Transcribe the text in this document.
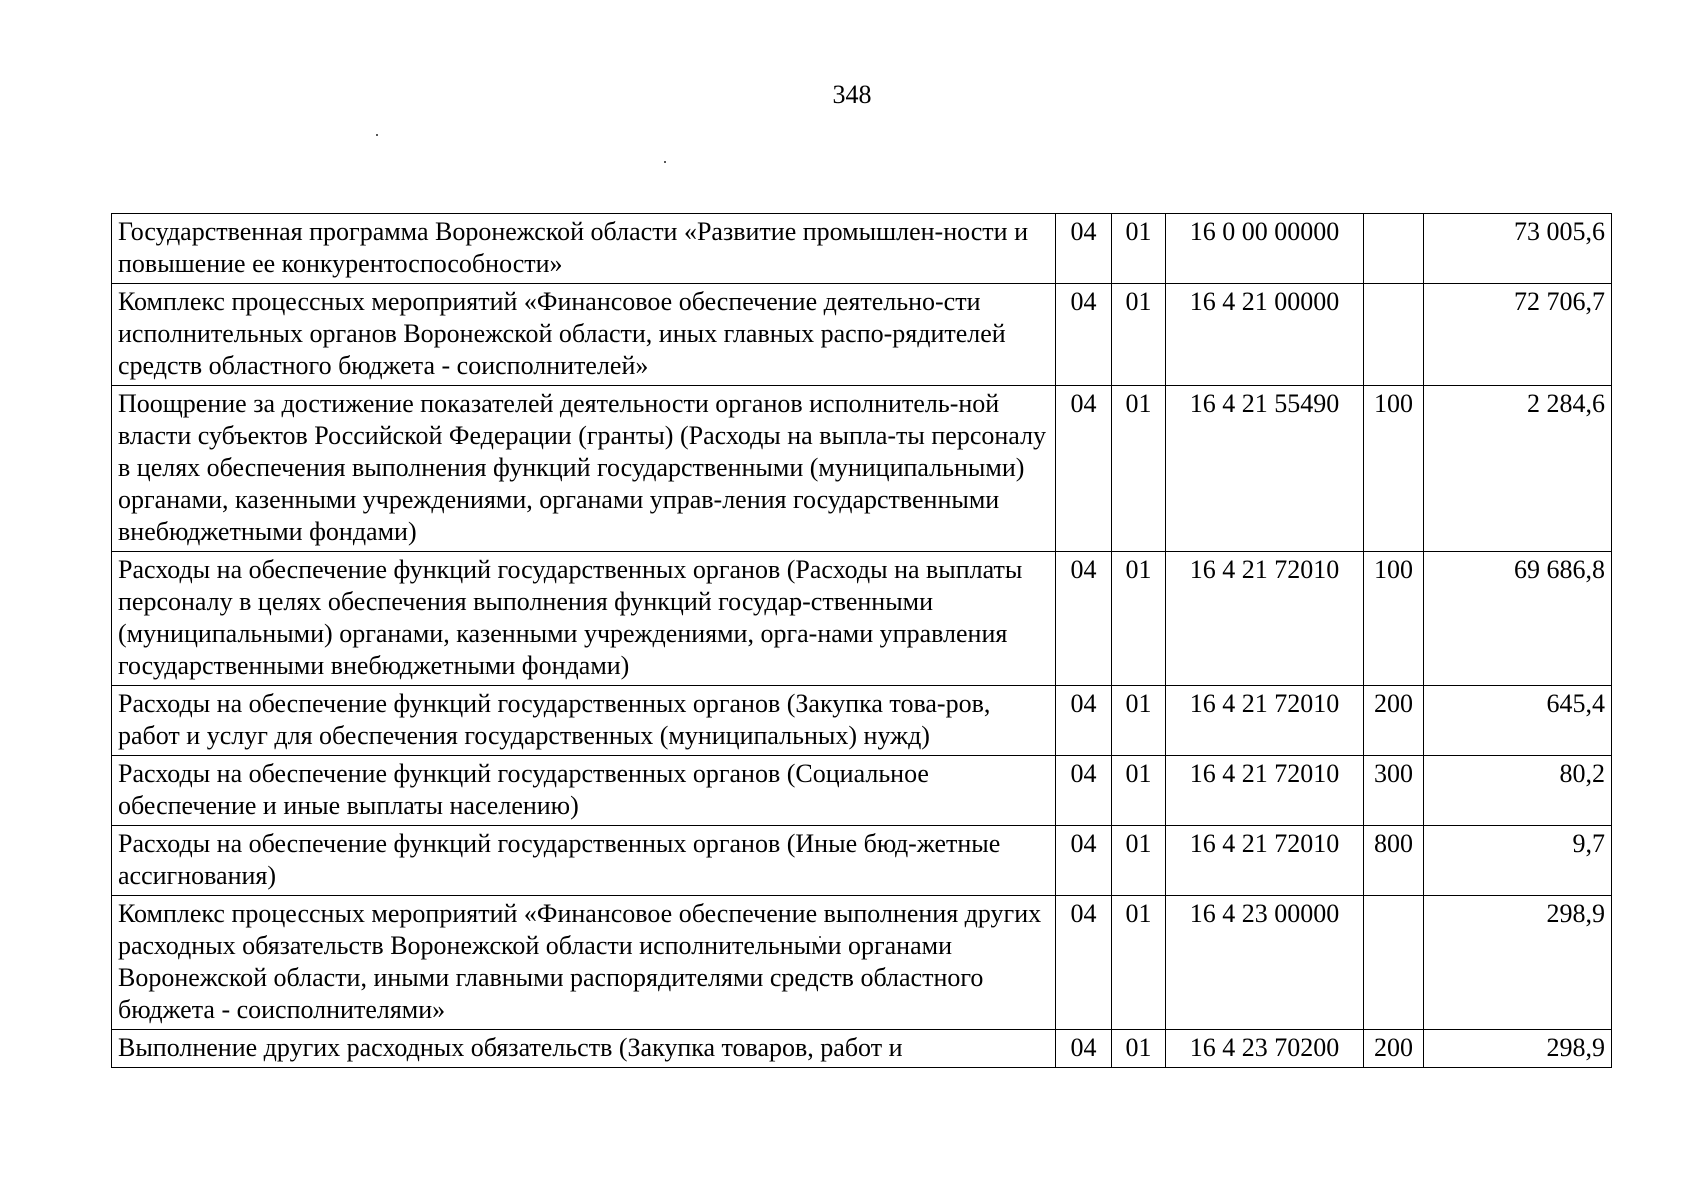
348
Государственная программа Воронежской области «Развитие промышлен-ности и повышение ее конкурентоспособности»	04	01	16 0 00 00000		73 005,6
Комплекс процессных мероприятий «Финансовое обеспечение деятельно-сти исполнительных органов Воронежской области, иных главных распо-рядителей средств областного бюджета - соисполнителей»	04	01	16 4 21 00000		72 706,7
Поощрение за достижение показателей деятельности органов исполнитель-ной власти субъектов Российской Федерации (гранты) (Расходы на выпла-ты персоналу в целях обеспечения выполнения функций государственными (муниципальными) органами, казенными учреждениями, органами управ-ления государственными внебюджетными фондами)	04	01	16 4 21 55490	100	2 284,6
Расходы на обеспечение функций государственных органов (Расходы на выплаты персоналу в целях обеспечения выполнения функций государ-ственными (муниципальными) органами, казенными учреждениями, орга-нами управления государственными внебюджетными фондами)	04	01	16 4 21 72010	100	69 686,8
Расходы на обеспечение функций государственных органов (Закупка това-ров, работ и услуг для обеспечения государственных (муниципальных) нужд)	04	01	16 4 21 72010	200	645,4
Расходы на обеспечение функций государственных органов (Социальное обеспечение и иные выплаты населению)	04	01	16 4 21 72010	300	80,2
Расходы на обеспечение функций государственных органов (Иные бюд-жетные ассигнования)	04	01	16 4 21 72010	800	9,7
Комплекс процессных мероприятий «Финансовое обеспечение выполнения других расходных обязательств Воронежской области исполнительными органами Воронежской области, иными главными распорядителями средств областного бюджета - соисполнителями»	04	01	16 4 23 00000		298,9
Выполнение других расходных обязательств (Закупка товаров, работ и	04	01	16 4 23 70200	200	298,9
